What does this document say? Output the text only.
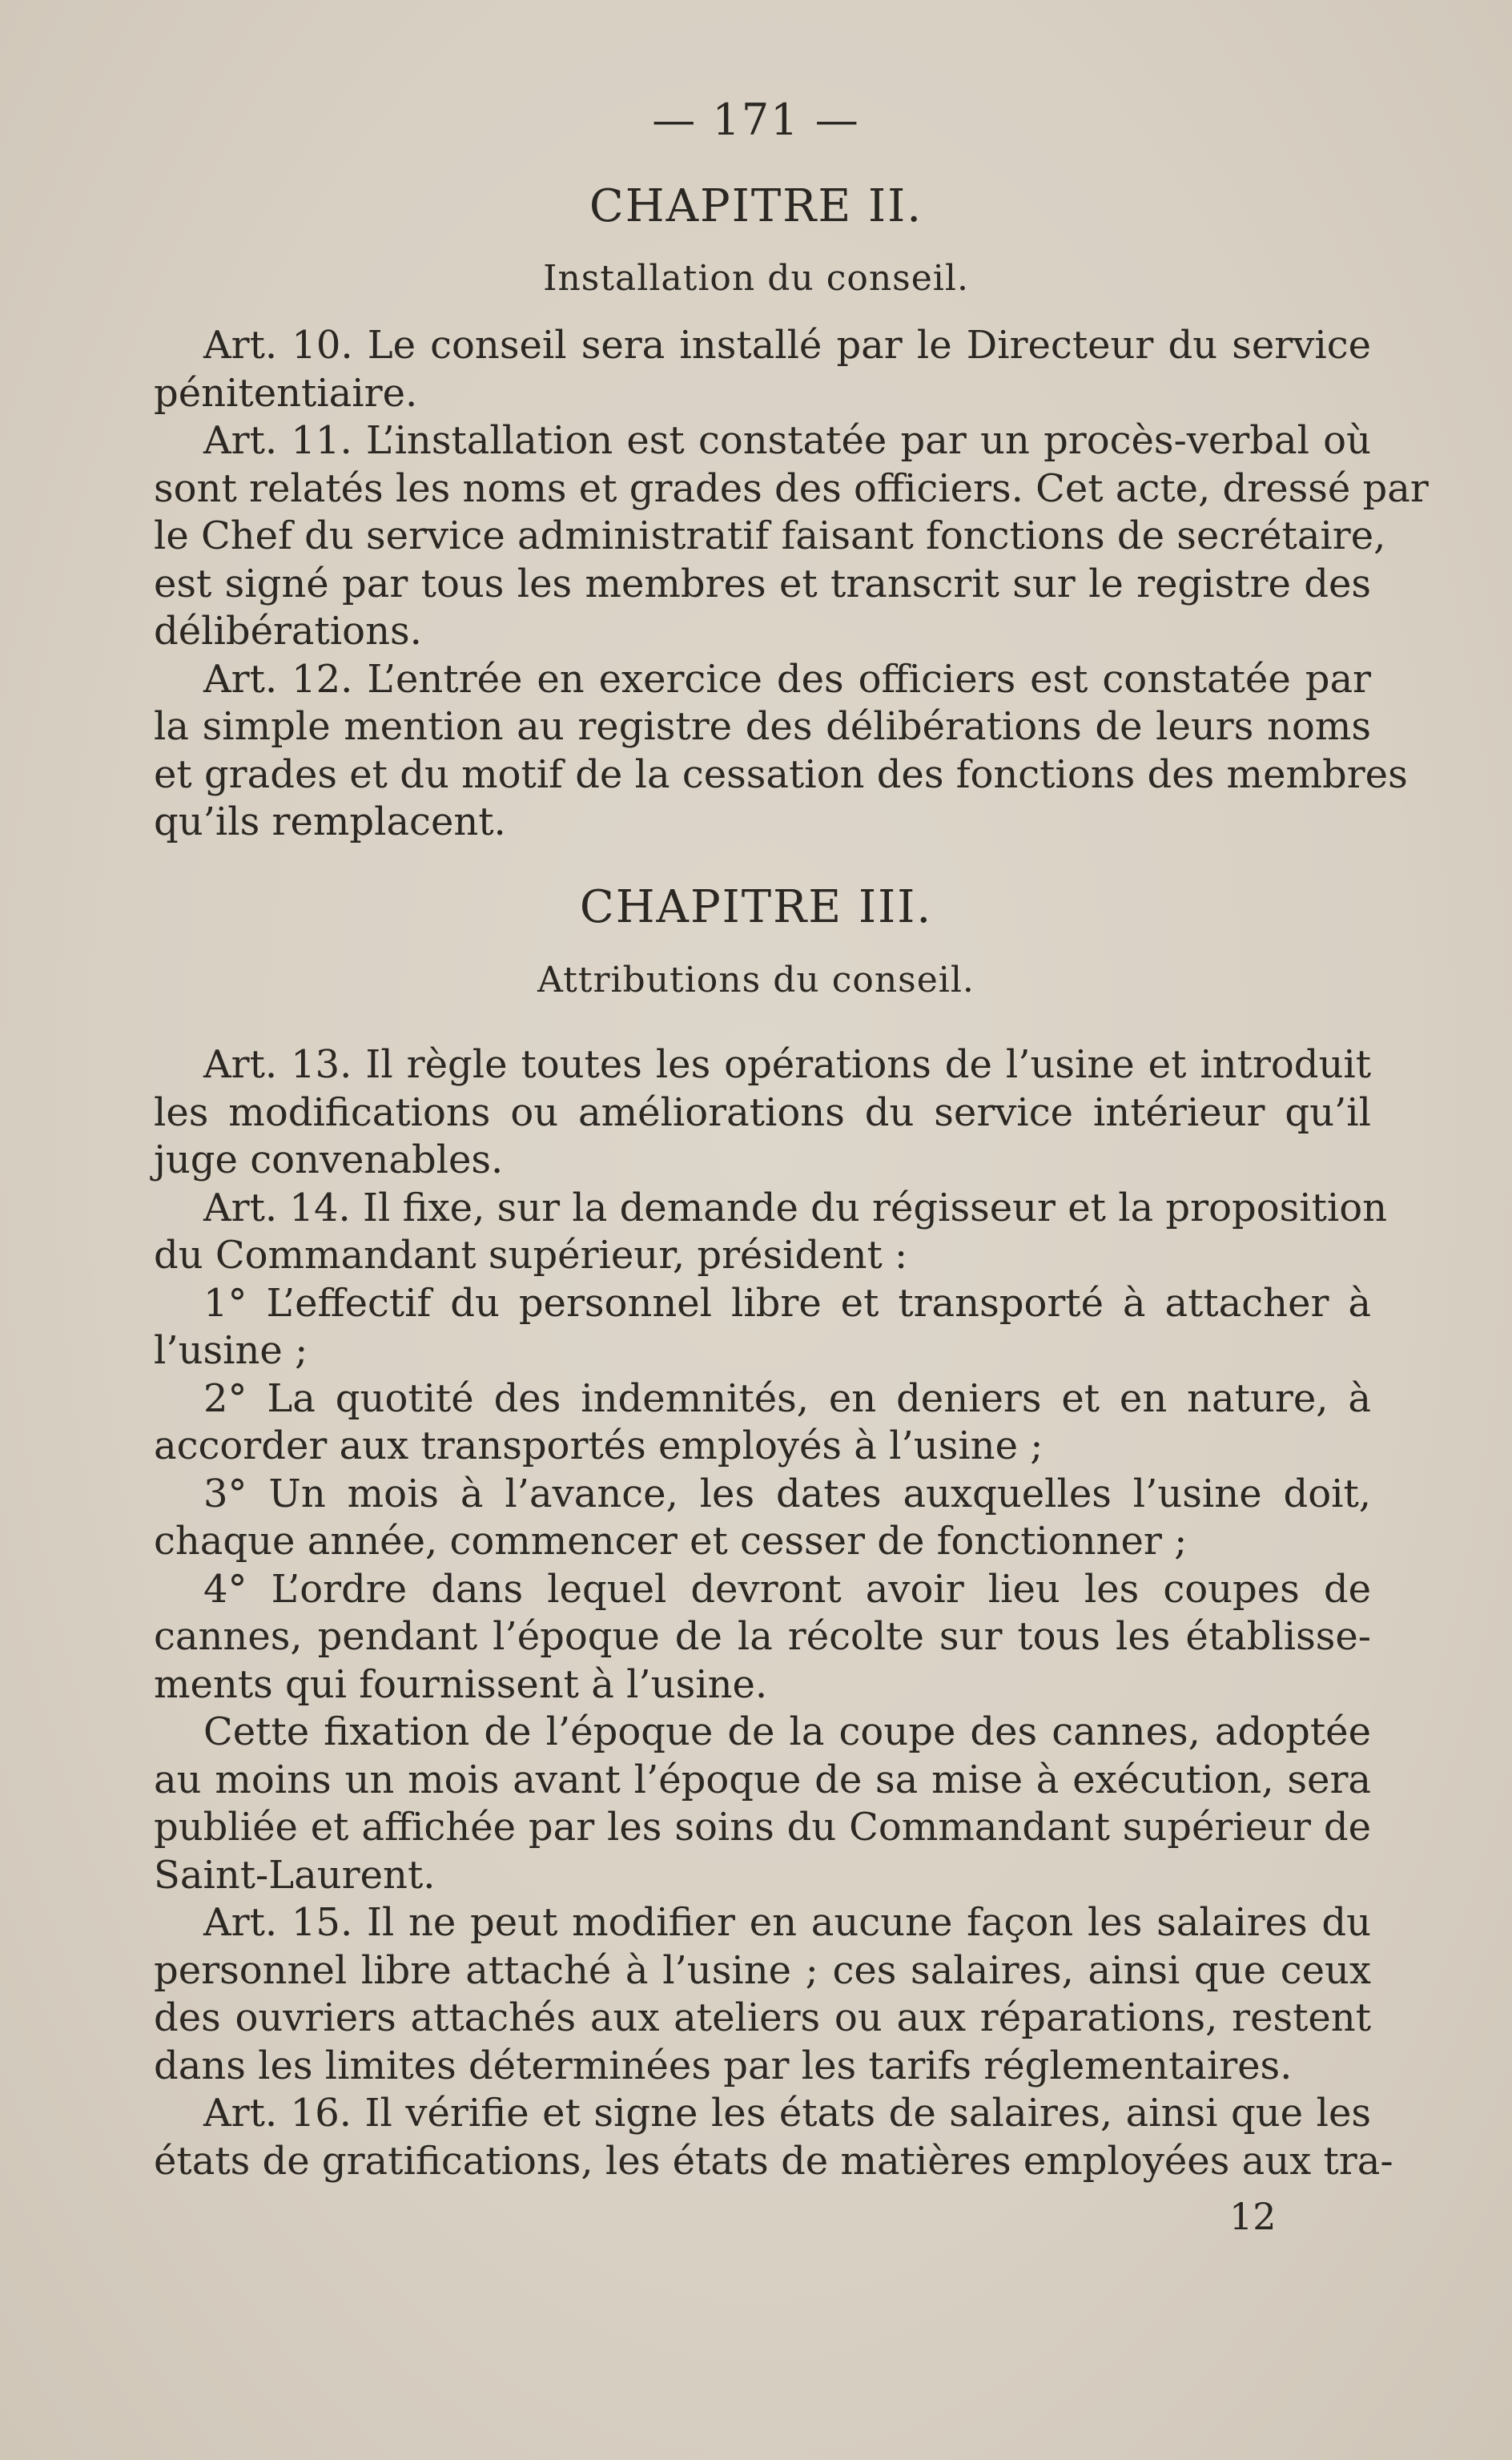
— 171 —
CHAPITRE II.
Installation du conseil.
Art. 10. Le conseil sera installé par le Directeur du service
pénitentiaire.
Art. 11. L’installation est constatée par un procès-verbal où
sont relatés les noms et grades des officiers. Cet acte, dressé par
le Chef du service administratif faisant fonctions de secrétaire,
est signé par tous les membres et transcrit sur le registre des
délibérations.
Art. 12. L’entrée en exercice des officiers est constatée par
la simple mention au registre des délibérations de leurs noms
et grades et du motif de la cessation des fonctions des membres
qu’ils remplacent.
CHAPITRE III.
Attributions du conseil.
Art. 13. Il règle toutes les opérations de l’usine et introduit
les modifications ou améliorations du service intérieur qu’il
juge convenables.
Art. 14. Il fixe, sur la demande du régisseur et la proposition
du Commandant supérieur, président :
1° L’effectif du personnel libre et transporté à attacher à
l’usine ;
2° La quotité des indemnités, en deniers et en nature, à
accorder aux transportés employés à l’usine ;
3° Un mois à l’avance, les dates auxquelles l’usine doit,
chaque année, commencer et cesser de fonctionner ;
4° L’ordre dans lequel devront avoir lieu les coupes de
cannes, pendant l’époque de la récolte sur tous les établisse-
ments qui fournissent à l’usine.
Cette fixation de l’époque de la coupe des cannes, adoptée
au moins un mois avant l’époque de sa mise à exécution, sera
publiée et affichée par les soins du Commandant supérieur de
Saint-Laurent.
Art. 15. Il ne peut modifier en aucune façon les salaires du
personnel libre attaché à l’usine ; ces salaires, ainsi que ceux
des ouvriers attachés aux ateliers ou aux réparations, restent
dans les limites déterminées par les tarifs réglementaires.
Art. 16. Il vérifie et signe les états de salaires, ainsi que les
états de gratifications, les états de matières employées aux tra-
12
